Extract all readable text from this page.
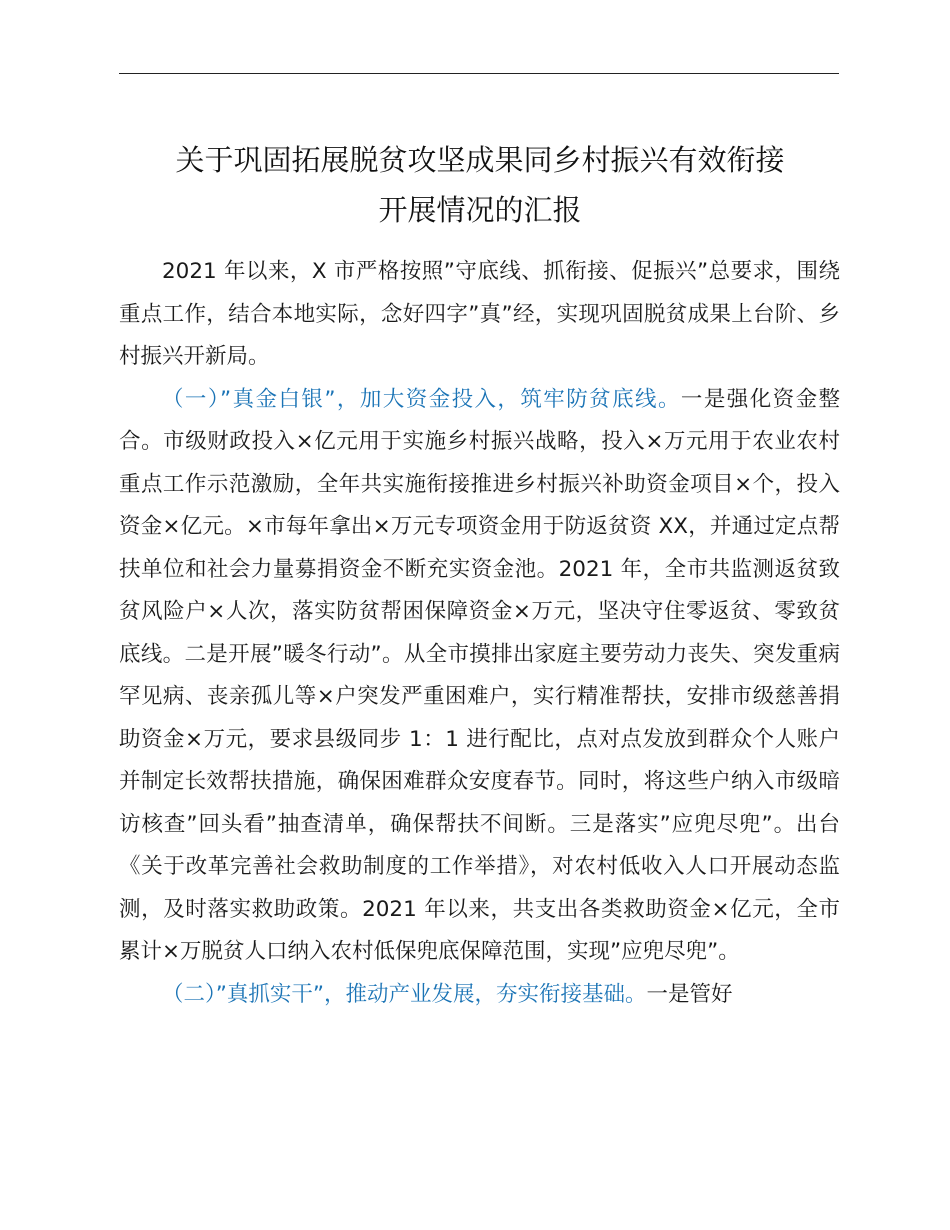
关于巩固拓展脱贫攻坚成果同乡村振兴有效衔接
开展情况的汇报

2021 年以来，X 市严格按照”守底线、抓衔接、促振兴”总要求，围绕重点工作，结合本地实际，念好四字”真”经，实现巩固脱贫成果上台阶、乡村振兴开新局。

（一）”真金白银”，加大资金投入，筑牢防贫底线。一是强化资金整合。市级财政投入×亿元用于实施乡村振兴战略，投入×万元用于农业农村重点工作示范激励，全年共实施衔接推进乡村振兴补助资金项目×个，投入资金×亿元。×市每年拿出×万元专项资金用于防返贫资 XX，并通过定点帮扶单位和社会力量募捐资金不断充实资金池。2021 年，全市共监测返贫致贫风险户×人次，落实防贫帮困保障资金×万元，坚决守住零返贫、零致贫底线。二是开展”暖冬行动”。从全市摸排出家庭主要劳动力丧失、突发重病罕见病、丧亲孤儿等×户突发严重困难户，实行精准帮扶，安排市级慈善捐助资金×万元，要求县级同步 1：1 进行配比，点对点发放到群众个人账户并制定长效帮扶措施，确保困难群众安度春节。同时，将这些户纳入市级暗访核查”回头看”抽查清单，确保帮扶不间断。三是落实”应兜尽兜”。出台《关于改革完善社会救助制度的工作举措》，对农村低收入人口开展动态监测，及时落实救助政策。2021 年以来，共支出各类救助资金×亿元，全市累计×万脱贫人口纳入农村低保兜底保障范围，实现”应兜尽兜”。

（二）”真抓实干”，推动产业发展，夯实衔接基础。一是管好
